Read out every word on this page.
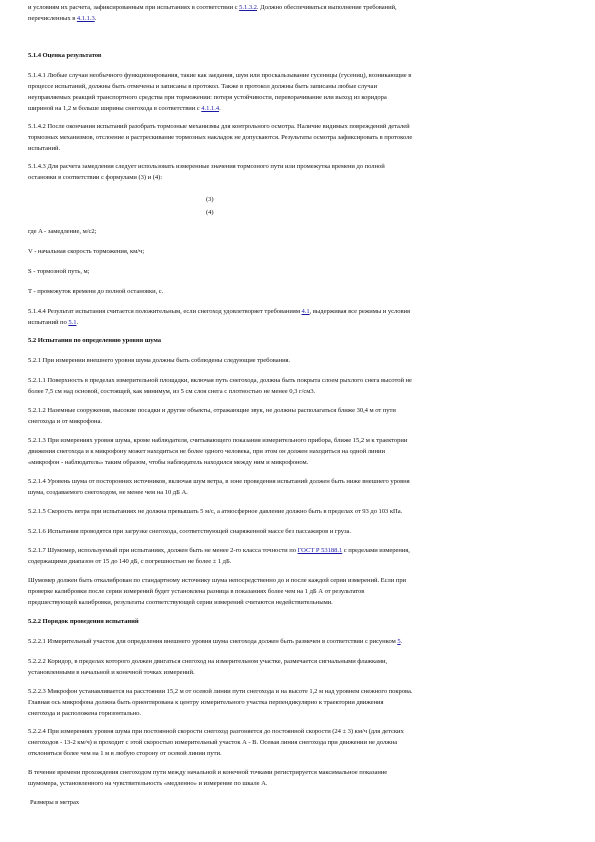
и условиям их расчета, зафиксированным при испытаниях в соответствии с 5.1.3.2. Должно обеспечиваться выполнение требований,

перечисленных в 4.1.1.3.

5.1.4 Оценка результатов

5.1.4.1 Любые случаи необычного функционирования, такие как заедания, шум или проскальзывание гусеницы (гусениц), возникающие в

процессе испытаний, должны быть отмечены и записаны в протокол. Также в протокол должны быть записаны любые случаи

неуправляемых реакций транспортного средства при торможении: потеря устойчивости, переворачивание или выход из коридора

шириной на 1,2 м больше ширины снегохода в соответствии с 4.1.1.4.

5.1.4.2 После окончания испытаний разобрать тормозные механизмы для контрольного осмотра. Наличие видимых повреждений деталей

тормозных механизмов, отслоение и растрескивание тормозных накладок не допускаются. Результаты осмотра зафиксировать в протоколе

испытаний.

5.1.4.3 Для расчета замедления следует использовать измеренные значения тормозного пути или промежутка времени до полной

остановки в соответствии с формулами (3) и (4):

(3)
(4)

где A - замедление, м/с2;

V - начальная скорость торможения, км/ч;

S - тормозной путь, м;

T - промежуток времени до полной остановки, с.

5.1.4.4 Результат испытания считается положительным, если снегоход удовлетворяет требованиям 4.1, выдерживая все режимы и условия

испытаний по 5.1.

5.2 Испытания по определению уровня шума

5.2.1 При измерении внешнего уровня шума должны быть соблюдены следующие требования.

5.2.1.1 Поверхность в пределах измерительной площадки, включая путь снегохода, должна быть покрыта слоем рыхлого снега высотой не

более 7,5 см над основой, состоящей, как минимум, из 5 см слоя снега с плотностью не менее 0,3 г/см3.

5.2.1.2 Наземные сооружения, высокие посадки и другие объекты, отражающие звук, не должны располагаться ближе 30,4 м от пути

снегохода и от микрофона.

5.2.1.3 При измерениях уровня шума, кроме наблюдателя, считывающего показания измерительного прибора, ближе 15,2 м к траектории

движения снегохода и к микрофону может находиться не более одного человека, при этом он должен находиться на одной линии

«микрофон - наблюдатель» таким образом, чтобы наблюдатель находился между ним и микрофоном.

5.2.1.4 Уровень шума от посторонних источников, включая шум ветра, в зоне проведения испытаний должен быть ниже внешнего уровня

шума, создаваемого снегоходом, не менее чем на 10 дБ А.

5.2.1.5 Скорость ветра при испытаниях не должна превышать 5 м/с, а атмосферное давление должно быть в пределах от 93 до 103 кПа.

5.2.1.6 Испытания проводятся при загрузке снегохода, соответствующей снаряженной массе без пассажиров и груза.

5.2.1.7 Шумомер, используемый при испытаниях, должен быть не менее 2-го класса точности по ГОСТ Р 53188.1 с пределами измерения,

содержащими диапазон от 15 до 140 дБ, с погрешностью не более ± 1 дБ.

Шумомер должен быть откалиброван по стандартному источнику шума непосредственно до и после каждой серии измерений. Если при

проверке калибровки после серии измерений будет установлена разница в показаниях более чем на 1 дБ А от результатов

предшествующей калибровки, результаты соответствующей серии измерений считаются недействительными.

5.2.2 Порядок проведения испытаний

5.2.2.1 Измерительный участок для определения внешнего уровня шума снегохода должен быть размечен в соответствии с рисунком 5.

5.2.2.2 Коридор, в пределах которого должен двигаться снегоход на измерительном участке, размечается сигнальными флажками,

установленными в начальной и конечной точках измерений.

5.2.2.3 Микрофон устанавливается на расстоянии 15,2 м от осевой линии пути снегохода и на высоте 1,2 м над уровнем снежного покрова.

Главная ось микрофона должна быть ориентирована к центру измерительного участка перпендикулярно к траектории движения

снегохода и расположена горизонтально.

5.2.2.4 При измерениях уровня шума при постоянной скорости снегоход разгоняется до постоянной скорости (24 ± 3) км/ч (для детских

снегоходов - 13-2 км/ч) и проходит с этой скоростью измерительный участок А - В. Осевая линия снегохода при движении не должна

отклоняться более чем на 1 м в любую сторону от осевой линии пути.

В течение времени прохождения снегоходом пути между начальной и конечной точками регистрируется максимальное показание

шумомера, установленного на чувствительность «медленно» и измерение по шкале А.

Размеры в метрах
